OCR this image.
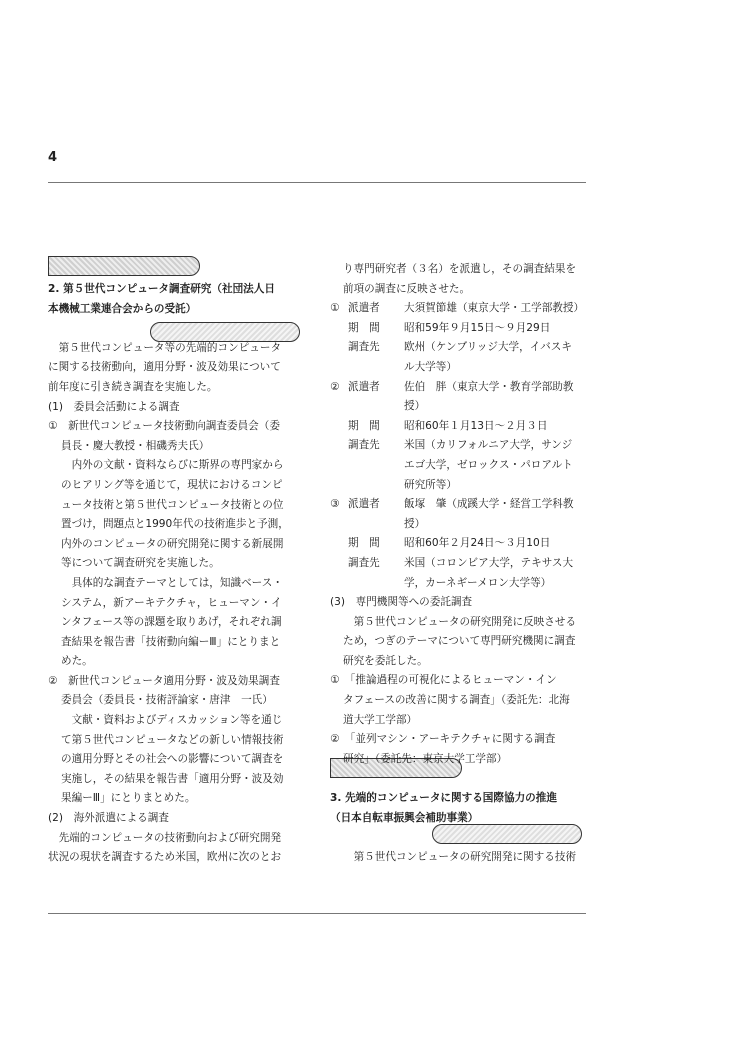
4
2. 第５世代コンピュータ調査研究（社団法人日
本機械工業連合会からの受託）
　第５世代コンピュータ等の先端的コンピュータ
に関する技術動向，適用分野・波及効果について
前年度に引き続き調査を実施した。
(1)　委員会活動による調査
①　新世代コンピュータ技術動向調査委員会（委
員長・慶大教授・相磯秀夫氏）
　内外の文献・資料ならびに斯界の専門家から
のヒアリング等を通じて，現状におけるコンピ
ュータ技術と第５世代コンピュータ技術との位
置づけ，問題点と1990年代の技術進歩と予測，
内外のコンピュータの研究開発に関する新展開
等について調査研究を実施した。
　具体的な調査テーマとしては，知識ベース・
システム，新アーキテクチャ，ヒューマン・イ
ンタフェース等の課題を取りあげ，それぞれ調
査結果を報告書「技術動向編ーⅢ」にとりまと
めた。
②　新世代コンピュータ適用分野・波及効果調査
委員会（委員長・技術評論家・唐津　一氏）
　文献・資料およびディスカッション等を通じ
て第５世代コンピュータなどの新しい情報技術
の適用分野とその社会への影響について調査を
実施し，その結果を報告書「適用分野・波及効
果編ーⅢ」にとりまとめた。
(2)　海外派遣による調査
　先端的コンピュータの技術動向および研究開発
状況の現状を調査するため米国，欧州に次のとお
り専門研究者（３名）を派遣し，その調査結果を
前項の調査に反映させた。
① 派遣者	大須賀節雄（東京大学・工学部教授）
期　間	昭和59年９月15日～９月29日
調査先	欧州（ケンブリッジ大学，イバスキ
ル大学等）
② 派遣者	佐伯　胖（東京大学・教育学部助教
授）
期　間	昭和60年１月13日～２月３日
調査先	米国（カリフォルニア大学，サンジ
エゴ大学，ゼロックス・パロアルト
研究所等）
③ 派遣者	飯塚　肇（成蹊大学・経営工学科教
授）
期　間	昭和60年２月24日～３月10日
調査先	米国（コロンビア大学，テキサス大
学，カーネギーメロン大学等）
(3)　専門機関等への委託調査
　第５世代コンピュータの研究開発に反映させる
ため，つぎのテーマについて専門研究機関に調査
研究を委託した。
①　「推論過程の可視化によるヒューマン・イン
タフェースの改善に関する調査」（委託先：北海
道大学工学部）
②　「並列マシン・アーキテクチャに関する調査
研究」（委託先：東京大学工学部）
3. 先端的コンピュータに関する国際協力の推進
（日本自転車振興会補助事業）
　第５世代コンピュータの研究開発に関する技術
